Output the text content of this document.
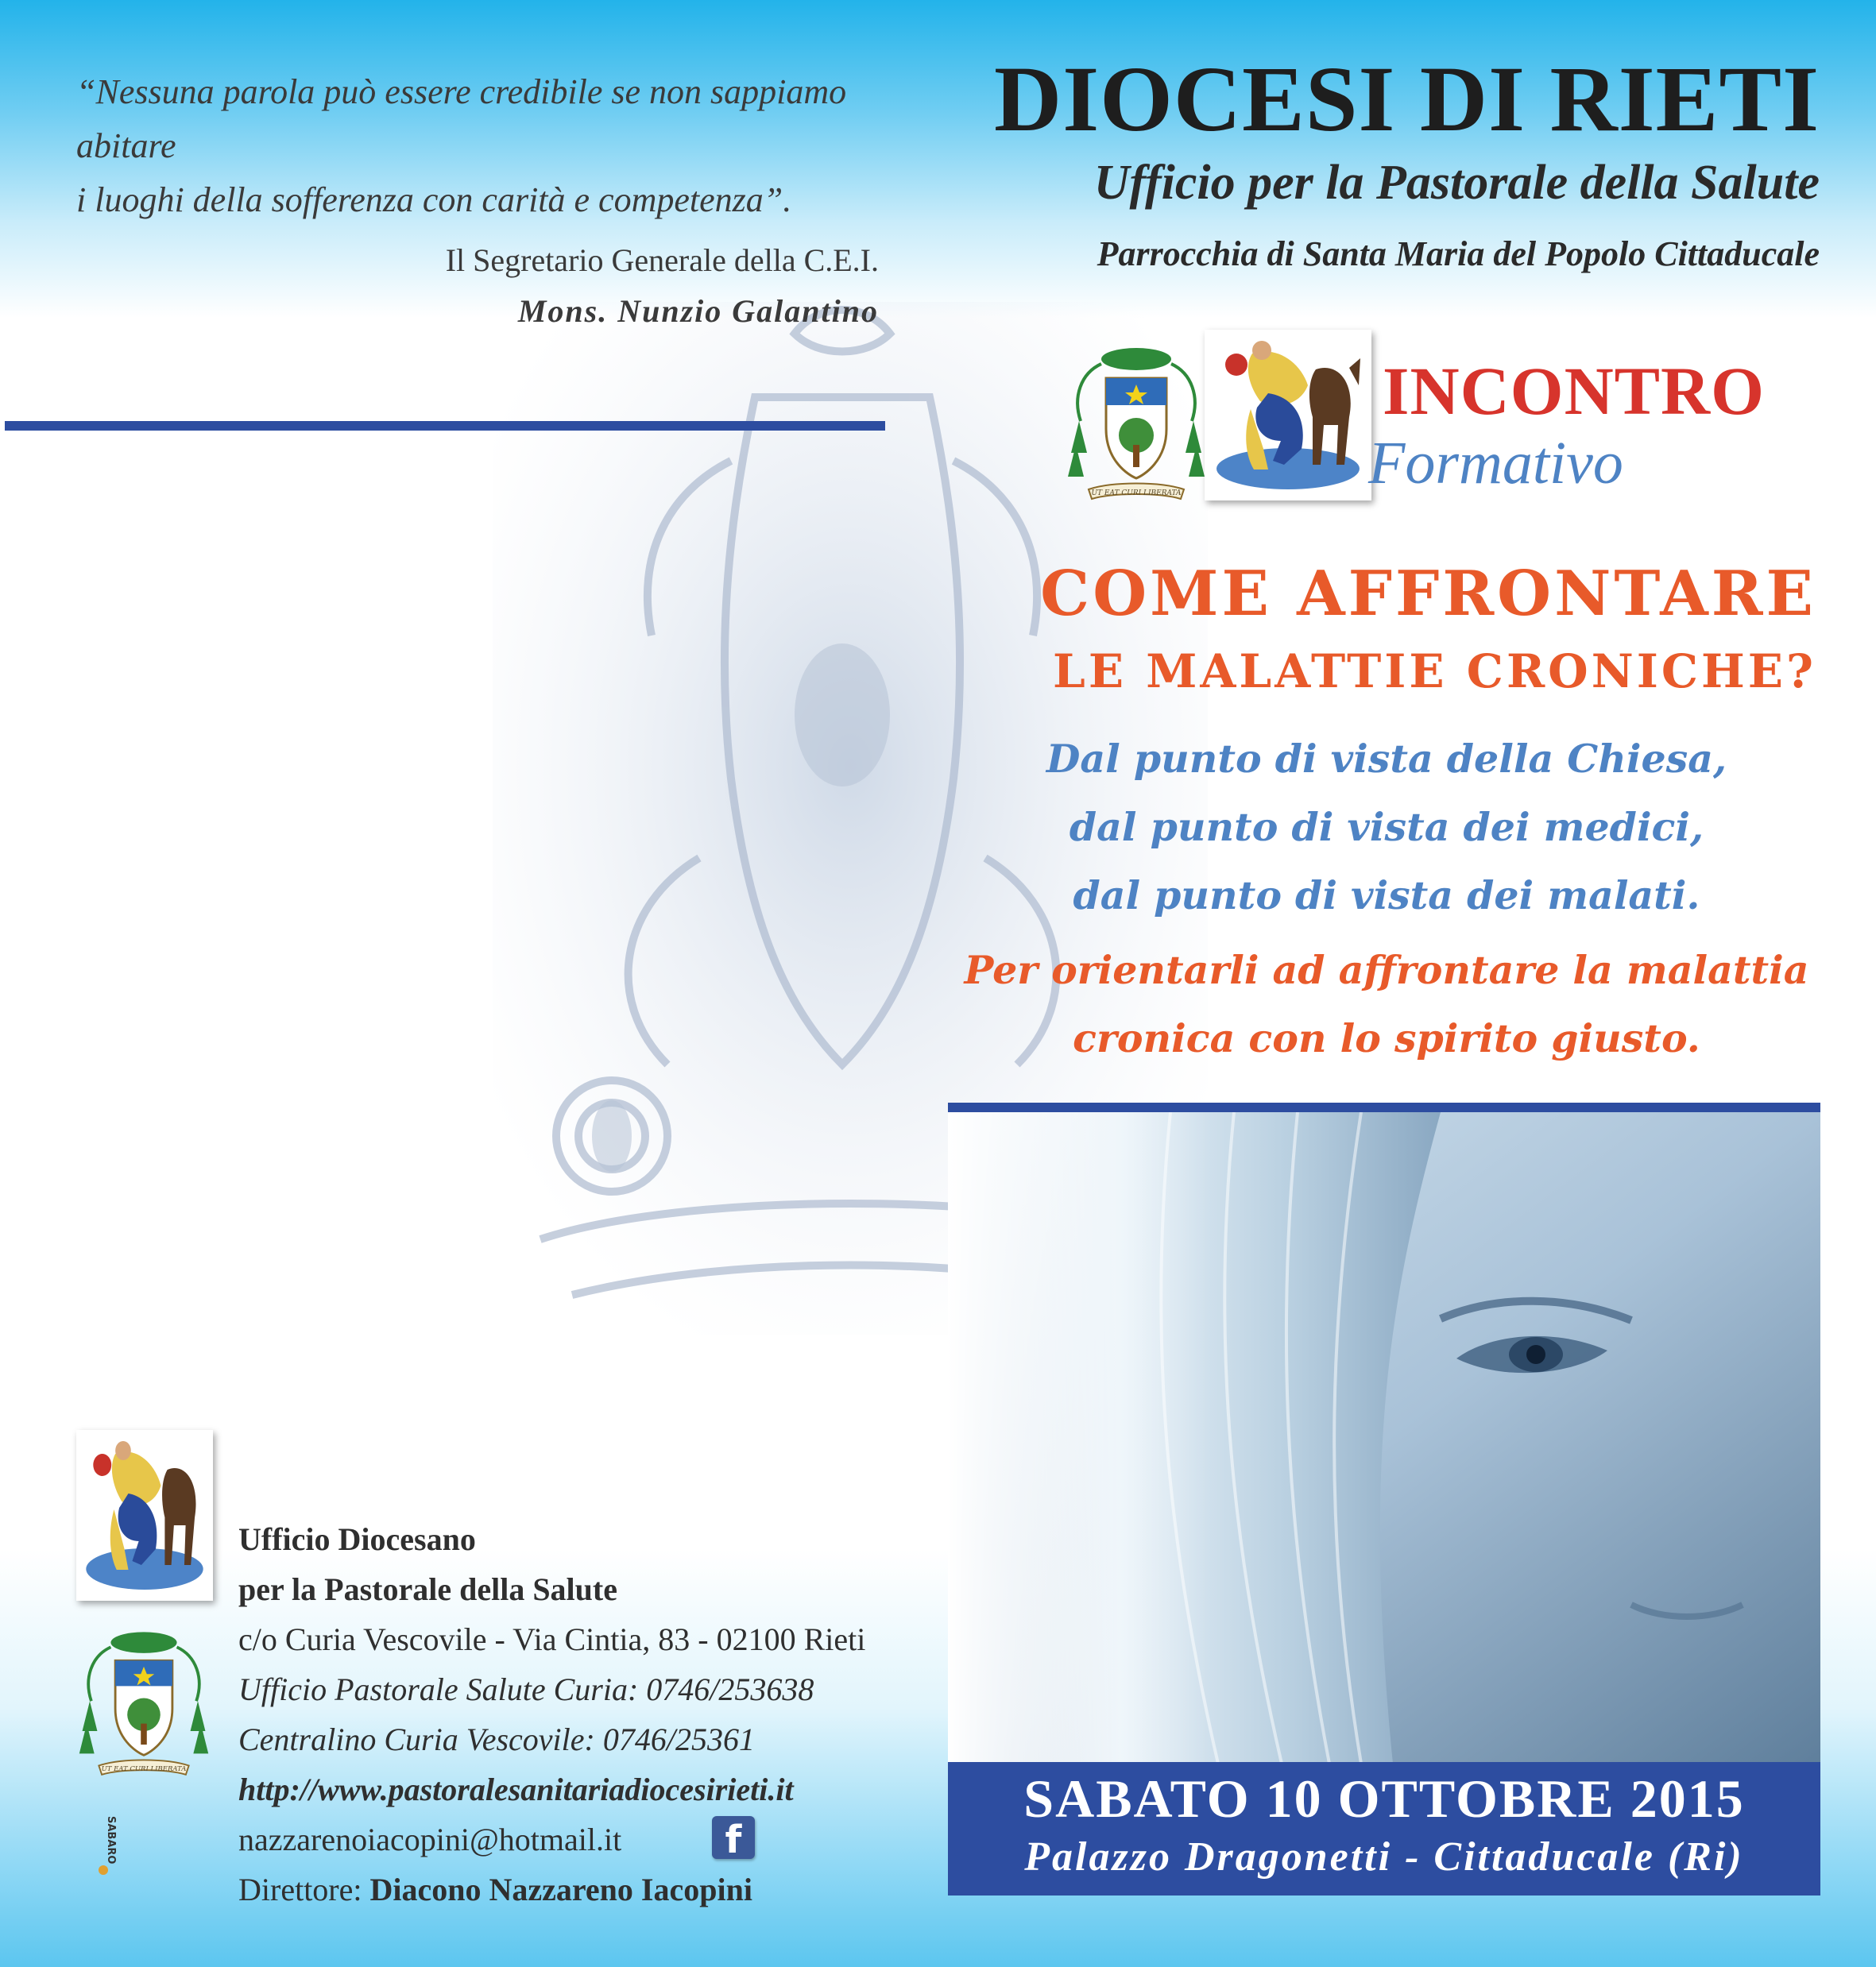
“Nessuna parola può essere credibile se non sappiamo abitare
i luoghi della sofferenza con carità e competenza”.
Il Segretario Generale della C.E.I.
Mons. Nunzio Galantino
DIOCESI DI RIETI
Ufficio per la Pastorale della Salute
Parrocchia di Santa Maria del Popolo Cittaducale
UT EAT CURI LIBERATA
INCONTRO
Formativo
COME AFFRONTARE
LE MALATTIE CRONICHE?
Dal punto di vista della Chiesa,
dal punto di vista dei medici,
dal punto di vista dei malati.
Per orientarli ad affrontare la malattia
cronica con lo spirito giusto.
SABATO 10 OTTOBRE 2015
Palazzo Dragonetti - Cittaducale (Ri)
UT EAT CURI LIBERATA
SABARO
Ufficio Diocesano
per la Pastorale della Salute
c/o Curia Vescovile - Via Cintia, 83 - 02100 Rieti
Ufficio Pastorale Salute Curia: 0746/253638
Centralino Curia Vescovile: 0746/25361
http://www.pastoralesanitariadiocesirieti.it
nazzarenoiacopini@hotmail.it
Direttore: Diacono Nazzareno Iacopini
f
